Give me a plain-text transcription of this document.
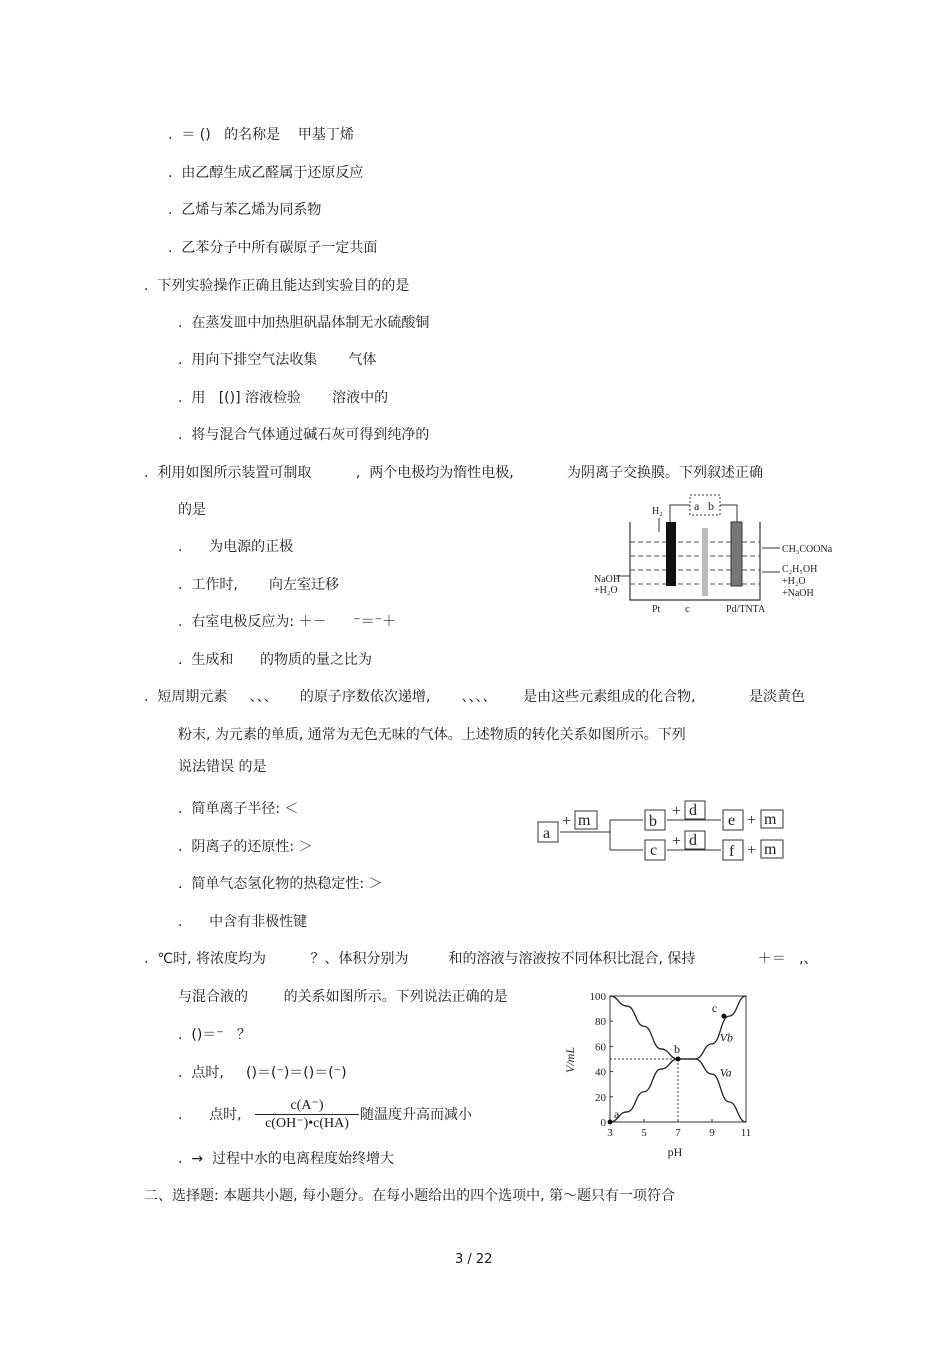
.  ＝ ()   的名称是    甲基丁烯
.  由乙醇生成乙醛属于还原反应
.  乙烯与苯乙烯为同系物
.  乙苯分子中所有碳原子一定共面
.  下列实验操作正确且能达到实验目的的是
.  在蒸发皿中加热胆矾晶体制无水硫酸铜
.  用向下排空气法收集       气体
.  用   [()] 溶液检验       溶液中的
.  将与混合气体通过碱石灰可得到纯净的
.  利用如图所示装置可制取          ,  两个电极均为惰性电极,            为阴离子交换膜。下列叙述正确
的是
.      为电源的正极
.  工作时,       向左室迁移
.  右室电极反应为: ＋－      ⁻＝⁻＋
.  生成和      的物质的量之比为
a b
H₂
CH₃COONa
C₂H₅OH
+H₂O
+NaOH
NaOH
+H₂O
Pt c	Pd/TNTA
.  短周期元素     、、、     的原子序数依次递增,       、、、、      是由这些元素组成的化合物,            是淡黄色
粉末, 为元素的单质, 通常为无色无味的气体。上述物质的转化关系如图所示。下列
说法错误 的是
.  简单离子半径: ＜
.  阴离子的还原性: ＞
.  简单气态氢化物的热稳定性: ＞
.      中含有非极性键
a
+ m	b
c
+ d
+ d
e
f
+ m
+ m
.  ℃时, 将浓度均为          ？、体积分别为         和的溶液与溶液按不同体积比混合, 保持              ＋＝   ,、
与混合液的        的关系如图所示。下列说法正确的是
.  ()＝⁻   ？
.  点时,     ()＝(⁻)＝()＝(⁻)
.      点时,
c(A⁻)
c(OH⁻)•c(HA)
随温度升高而减小
.  →  过程中水的电离程度始终增大
3	5	7	9 11
0
20
40
60
80
100
Vb
Va
a
b
c
pH
V/mL
二、选择题: 本题共小题, 每小题分。在每小题给出的四个选项中, 第～题只有一项符合
3 / 22
